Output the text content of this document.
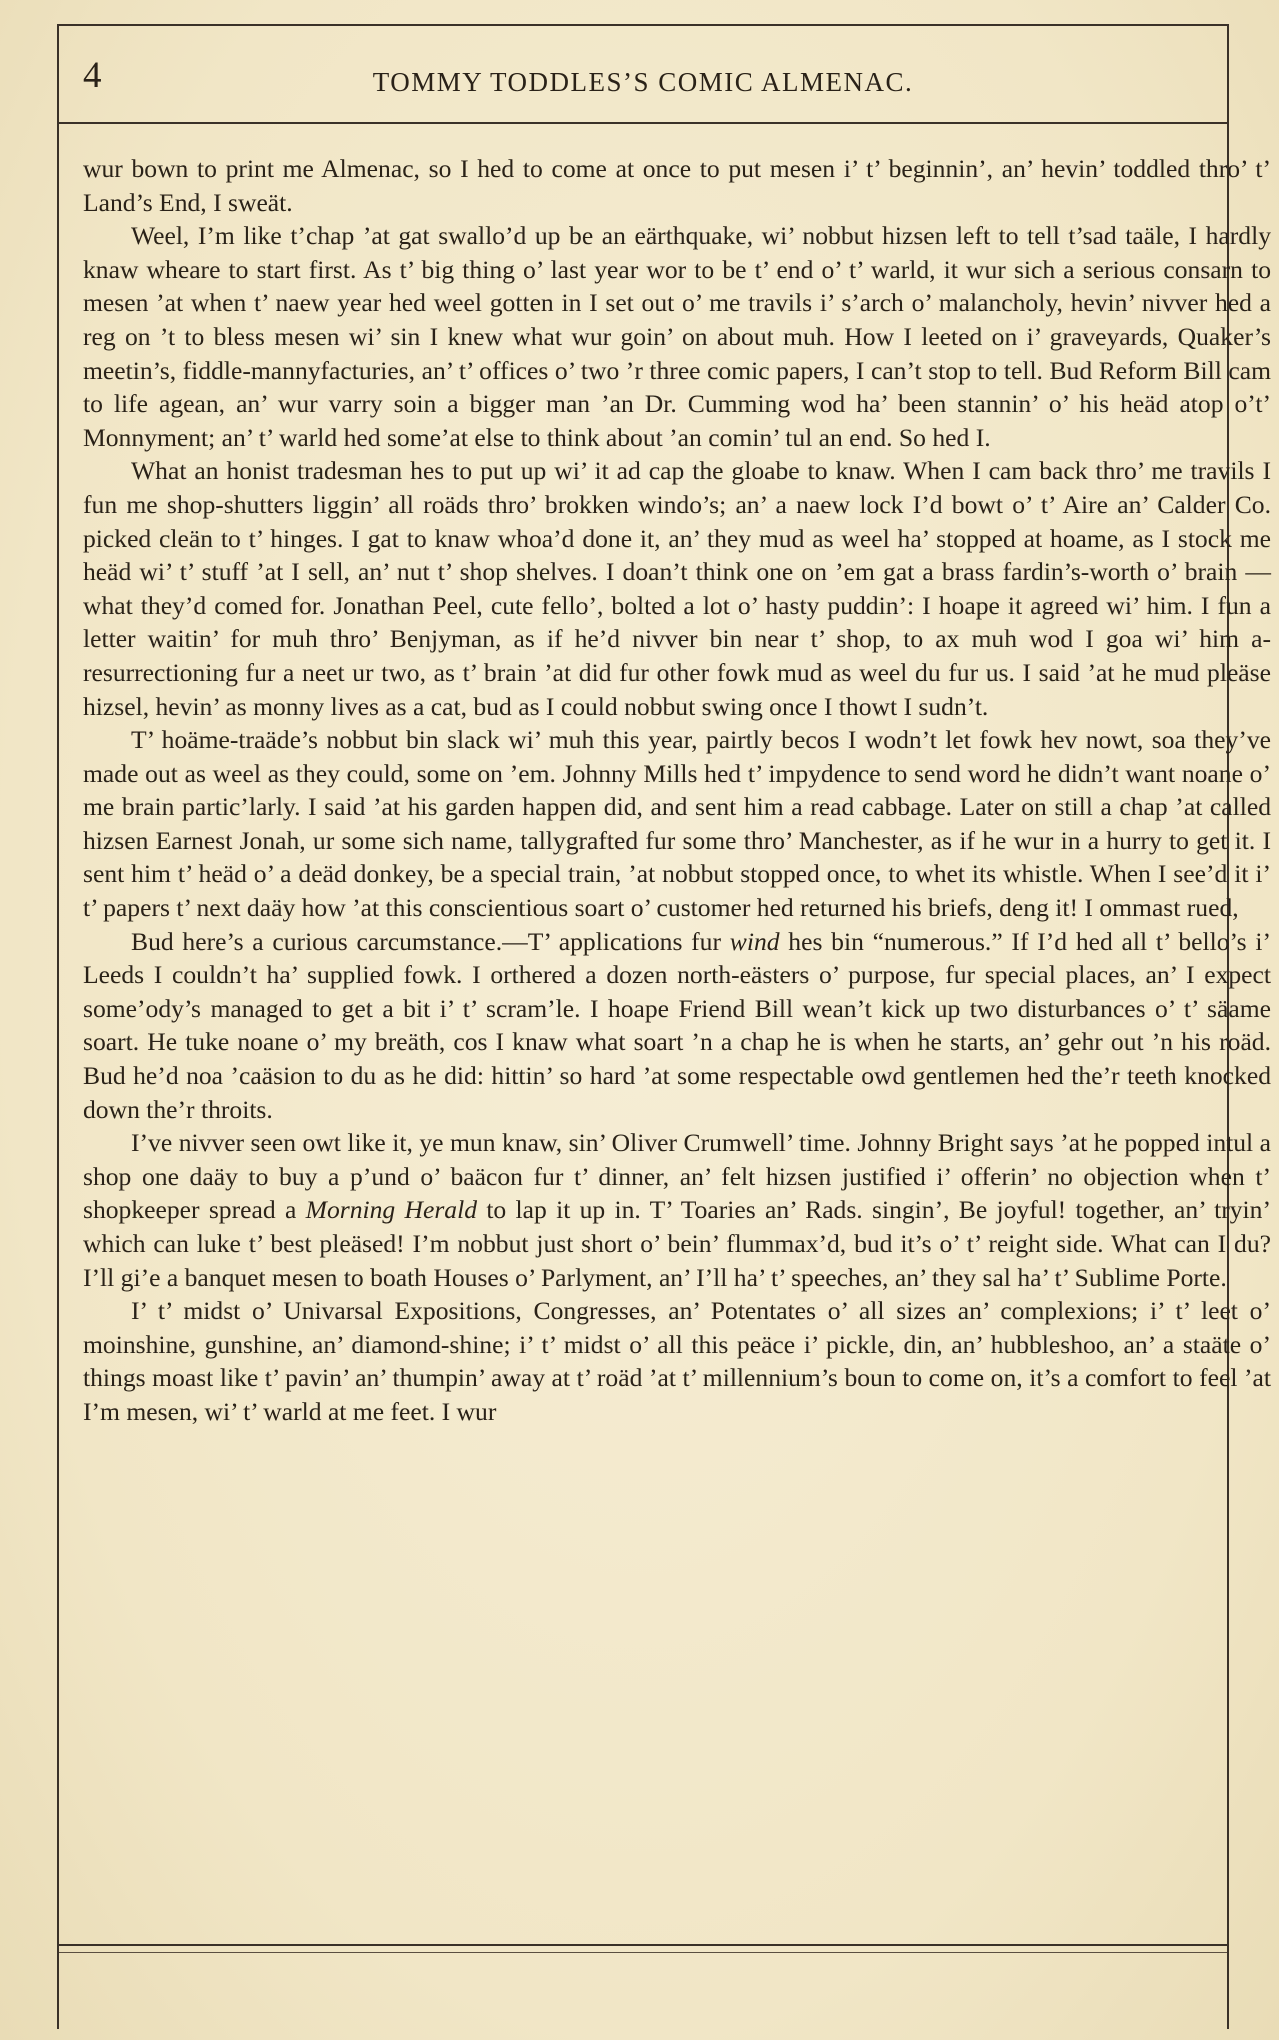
4	TOMMY TODDLES’S COMIC ALMENAC.

wur bown to print me Almenac, so I hed to come at once to put mesen i’ t’ beginnin’, an’ hevin’ toddled thro’ t’ Land’s End, I sweät.

Weel, I’m like t’chap ’at gat swallo’d up be an eärthquake, wi’ nobbut hizsen left to tell t’sad taäle, I hardly knaw wheare to start first. As t’ big thing o’ last year wor to be t’ end o’ t’ warld, it wur sich a serious consarn to mesen ’at when t’ naew year hed weel gotten in I set out o’ me travils i’ s’arch o’ malancholy, hevin’ nivver hed a reg on ’t to bless mesen wi’ sin I knew what wur goin’ on about muh. How I leeted on i’ graveyards, Quaker’s meetin’s, fiddle-mannyfacturies, an’ t’ offices o’ two ’r three comic papers, I can’t stop to tell. Bud Reform Bill cam to life agean, an’ wur varry soin a bigger man ’an Dr. Cumming wod ha’ been stannin’ o’ his heäd atop o’t’ Monnyment; an’ t’ warld hed some’at else to think about ’an comin’ tul an end. So hed I.

What an honist tradesman hes to put up wi’ it ad cap the gloabe to knaw. When I cam back thro’ me travils I fun me shop-shutters liggin’ all roäds thro’ brokken windo’s; an’ a naew lock I’d bowt o’ t’ Aire an’ Calder Co. picked cleän to t’ hinges. I gat to knaw whoa’d done it, an’ they mud as weel ha’ stopped at hoame, as I stock me heäd wi’ t’ stuff ’at I sell, an’ nut t’ shop shelves. I doan’t think one on ’em gat a brass fardin’s-worth o’ brain —what they’d comed for. Jonathan Peel, cute fello’, bolted a lot o’ hasty puddin’: I hoape it agreed wi’ him. I fun a letter waitin’ for muh thro’ Benjyman, as if he’d nivver bin near t’ shop, to ax muh wod I goa wi’ him a-resurrectioning fur a neet ur two, as t’ brain ’at did fur other fowk mud as weel du fur us. I said ’at he mud pleäse hizsel, hevin’ as monny lives as a cat, bud as I could nobbut swing once I thowt I sudn’t.

T’ hoäme-traäde’s nobbut bin slack wi’ muh this year, pairtly becos I wodn’t let fowk hev nowt, soa they’ve made out as weel as they could, some on ’em. Johnny Mills hed t’ impydence to send word he didn’t want noane o’ me brain partic’larly. I said ’at his garden happen did, and sent him a read cabbage. Later on still a chap ’at called hizsen Earnest Jonah, ur some sich name, tallygrafted fur some thro’ Manchester, as if he wur in a hurry to get it. I sent him t’ heäd o’ a deäd donkey, be a special train, ’at nobbut stopped once, to whet its whistle. When I see’d it i’ t’ papers t’ next daäy how ’at this conscientious soart o’ customer hed returned his briefs, deng it! I ommast rued,

Bud here’s a curious carcumstance.—T’ applications fur wind hes bin “numerous.” If I’d hed all t’ bello’s i’ Leeds I couldn’t ha’ supplied fowk. I orthered a dozen north-eästers o’ purpose, fur special places, an’ I expect some’ody’s managed to get a bit i’ t’ scram’le. I hoape Friend Bill wean’t kick up two disturbances o’ t’ säame soart. He tuke noane o’ my breäth, cos I knaw what soart ’n a chap he is when he starts, an’ gehr out ’n his roäd. Bud he’d noa ’caäsion to du as he did: hittin’ so hard ’at some respectable owd gentlemen hed the’r teeth knocked down the’r throits.

I’ve nivver seen owt like it, ye mun knaw, sin’ Oliver Crumwell’ time. Johnny Bright says ’at he popped intul a shop one daäy to buy a p’und o’ baäcon fur t’ dinner, an’ felt hizsen justified i’ offerin’ no objection when t’ shopkeeper spread a Morning Herald to lap it up in. T’ Toaries an’ Rads. singin’, Be joyful! together, an’ tryin’ which can luke t’ best pleäsed! I’m nobbut just short o’ bein’ flummax’d, bud it’s o’ t’ reight side. What can I du? I’ll gi’e a banquet mesen to boath Houses o’ Parlyment, an’ I’ll ha’ t’ speeches, an’ they sal ha’ t’ Sublime Porte.

I’ t’ midst o’ Univarsal Expositions, Congresses, an’ Potentates o’ all sizes an’ complexions; i’ t’ leet o’ moinshine, gunshine, an’ diamond-shine; i’ t’ midst o’ all this peäce i’ pickle, din, an’ hubbleshoo, an’ a staäte o’ things moast like t’ pavin’ an’ thumpin’ away at t’ roäd ’at t’ millennium’s boun to come on, it’s a comfort to feel ’at I’m mesen, wi’ t’ warld at me feet. I wur
